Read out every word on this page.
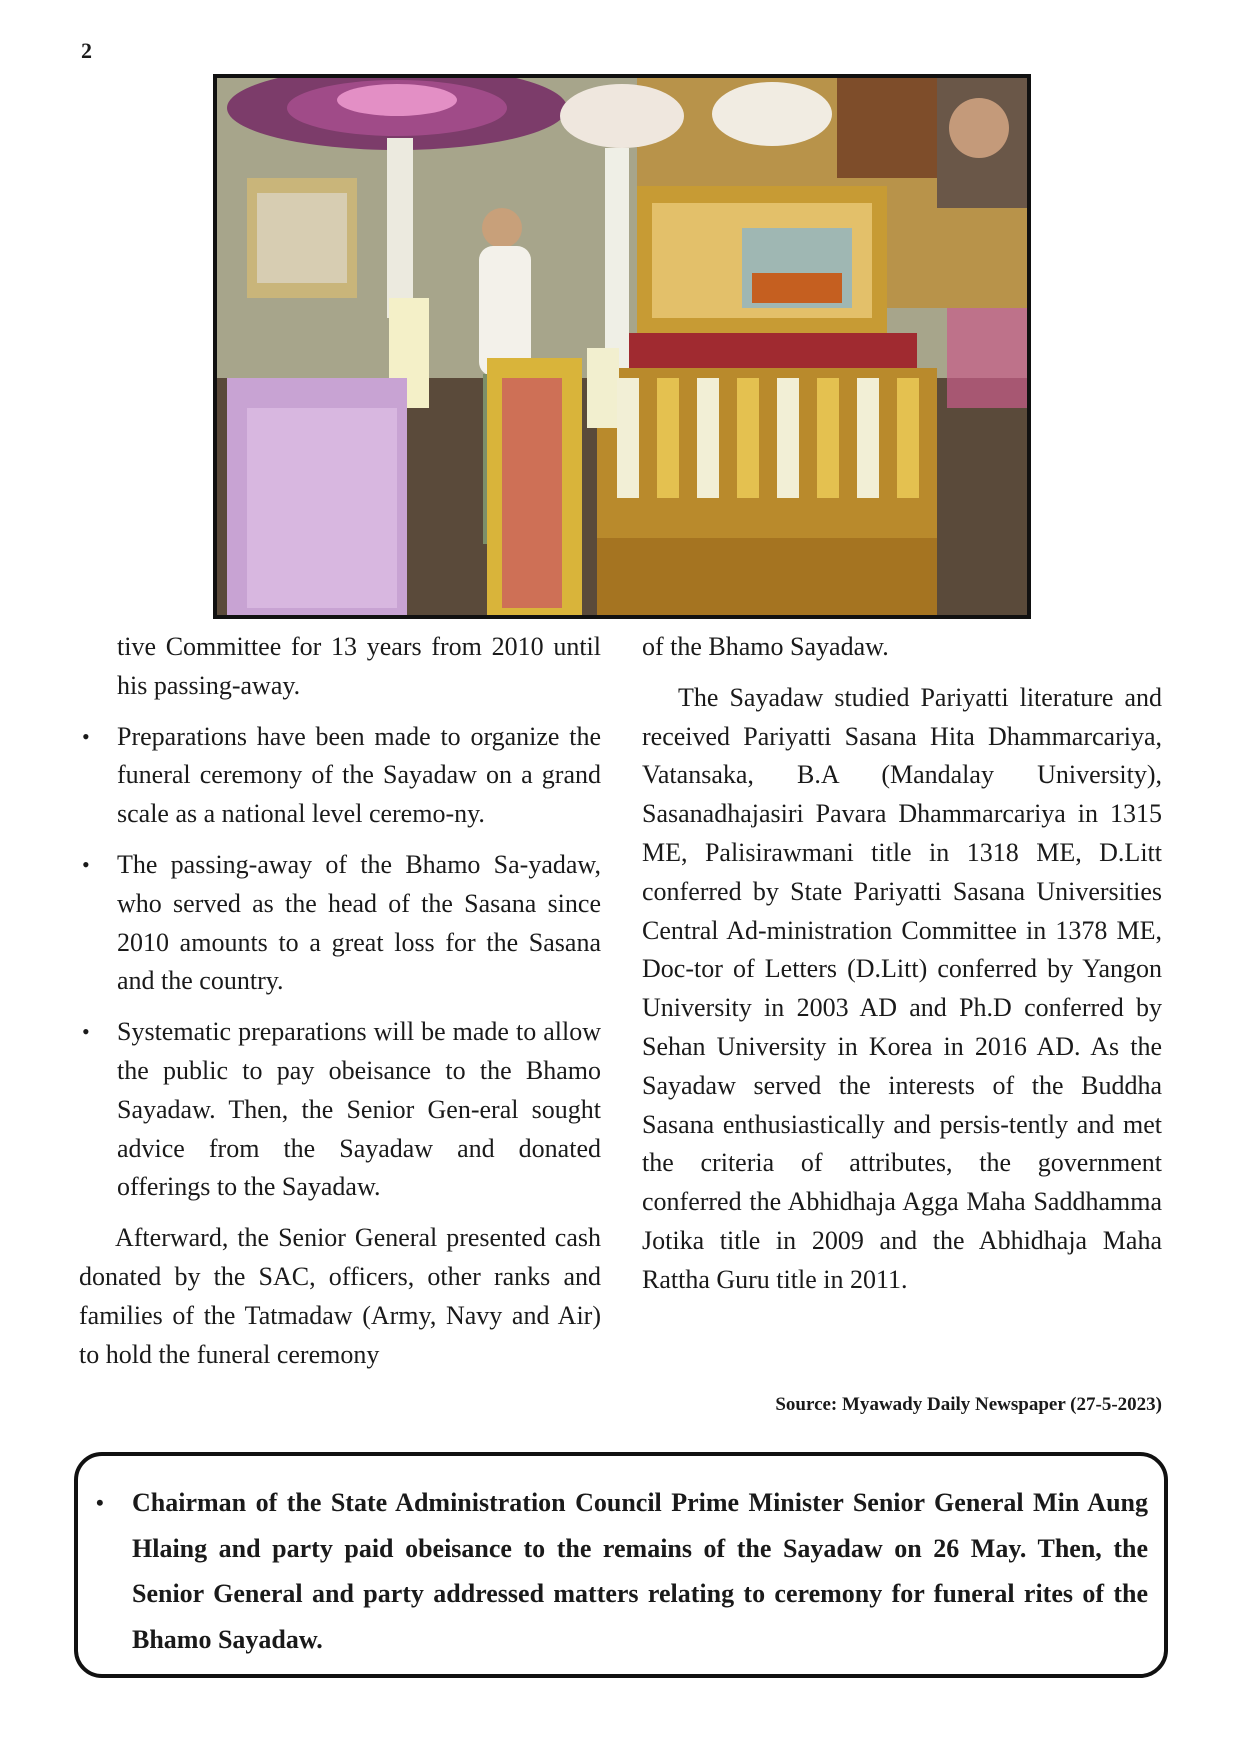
2

tive Committee for 13 years from 2010 until his passing-away.

• Preparations have been made to organize the funeral ceremony of the Sayadaw on a grand scale as a national level ceremo-ny.
• The passing-away of the Bhamo Sa-yadaw, who served as the head of the Sasana since 2010 amounts to a great loss for the Sasana and the country.
• Systematic preparations will be made to allow the public to pay obeisance to the Bhamo Sayadaw. Then, the Senior Gen-eral sought advice from the Sayadaw and donated offerings to the Sayadaw.

Afterward, the Senior General presented cash donated by the SAC, officers, other ranks and families of the Tatmadaw (Army, Navy and Air) to hold the funeral ceremony

of the Bhamo Sayadaw.

The Sayadaw studied Pariyatti literature and received Pariyatti Sasana Hita Dhammarcariya, Vatansaka, B.A (Mandalay University), Sasanadhajasiri Pavara Dhammarcariya in 1315 ME, Palisirawmani title in 1318 ME, D.Litt conferred by State Pariyatti Sasana Universities Central Ad-ministration Committee in 1378 ME, Doc-tor of Letters (D.Litt) conferred by Yangon University in 2003 AD and Ph.D conferred by Sehan University in Korea in 2016 AD. As the Sayadaw served the interests of the Buddha Sasana enthusiastically and persis-tently and met the criteria of attributes, the government conferred the Abhidhaja Agga Maha Saddhamma Jotika title in 2009 and the Abhidhaja Maha Rattha Guru title in 2011.

Source: Myawady Daily Newspaper (27-5-2023)
• Chairman of the State Administration Council Prime Minister Senior General Min Aung Hlaing and party paid obeisance to the remains of the Sayadaw on 26 May. Then, the Senior General and party addressed matters relating to ceremony for funeral rites of the Bhamo Sayadaw.
